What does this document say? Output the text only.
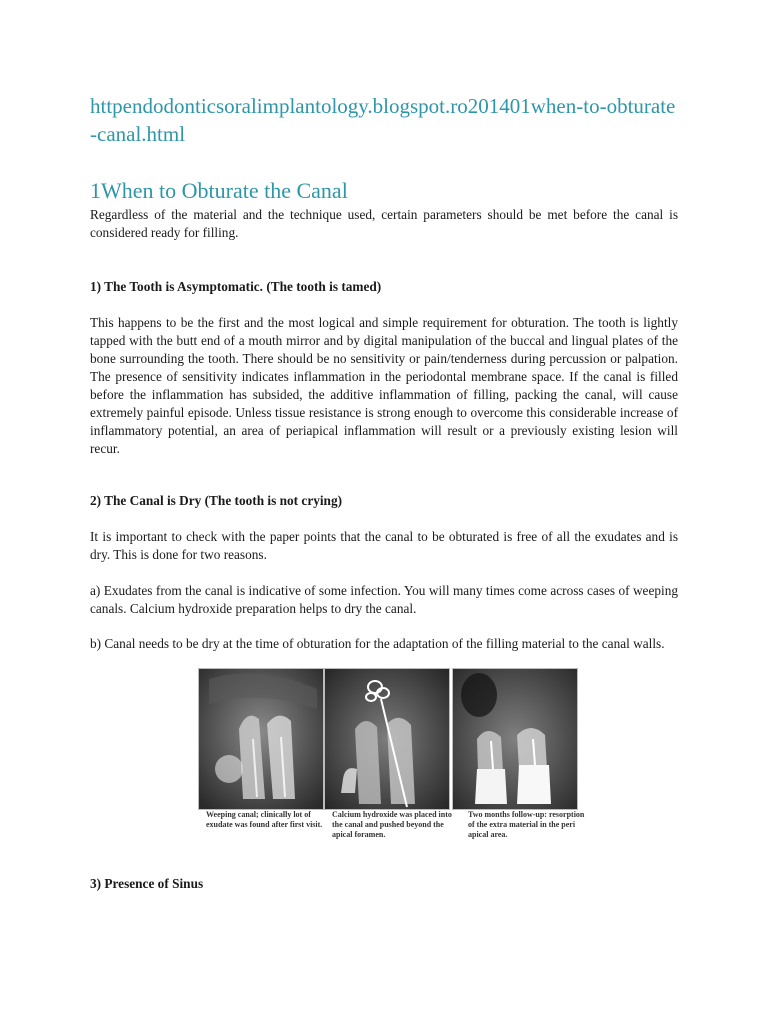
httpendodonticsoralimplantology.blogspot.ro201401when-to-obturate-canal.html
1When to Obturate the Canal

Regardless of the material and the technique used, certain parameters should be met before the canal is considered ready for filling.

1) The Tooth is Asymptomatic. (The tooth is tamed)

This happens to be the first and the most logical and simple requirement for obturation. The tooth is lightly tapped with the butt end of a mouth mirror and by digital manipulation of the buccal and lingual plates of the bone surrounding the tooth. There should be no sensitivity or pain/tenderness during percussion or palpation. The presence of sensitivity indicates inflammation in the periodontal membrane space. If the canal is filled before the inflammation has subsided, the additive inflammation of filling, packing the canal, will cause extremely painful episode. Unless tissue resistance is strong enough to overcome this considerable increase of inflammatory potential, an area of periapical inflammation will result or a previously existing lesion will recur.

2) The Canal is Dry (The tooth is not crying)

It is important to check with the paper points that the canal to be obturated is free of all the exudates and is dry. This is done for two reasons.

a) Exudates from the canal is indicative of some infection. You will many times come across cases of weeping canals. Calcium hydroxide preparation helps to dry the canal.

b) Canal needs to be dry at the time of obturation for the adaptation of the filling material to the canal walls.

Weeping canal; clinically lot of exudate was found after first visit.
Calcium hydroxide was placed into the canal and pushed beyond the apical foramen.
Two months follow-up: resorption of the extra material in the peri apical area.

3) Presence of Sinus
